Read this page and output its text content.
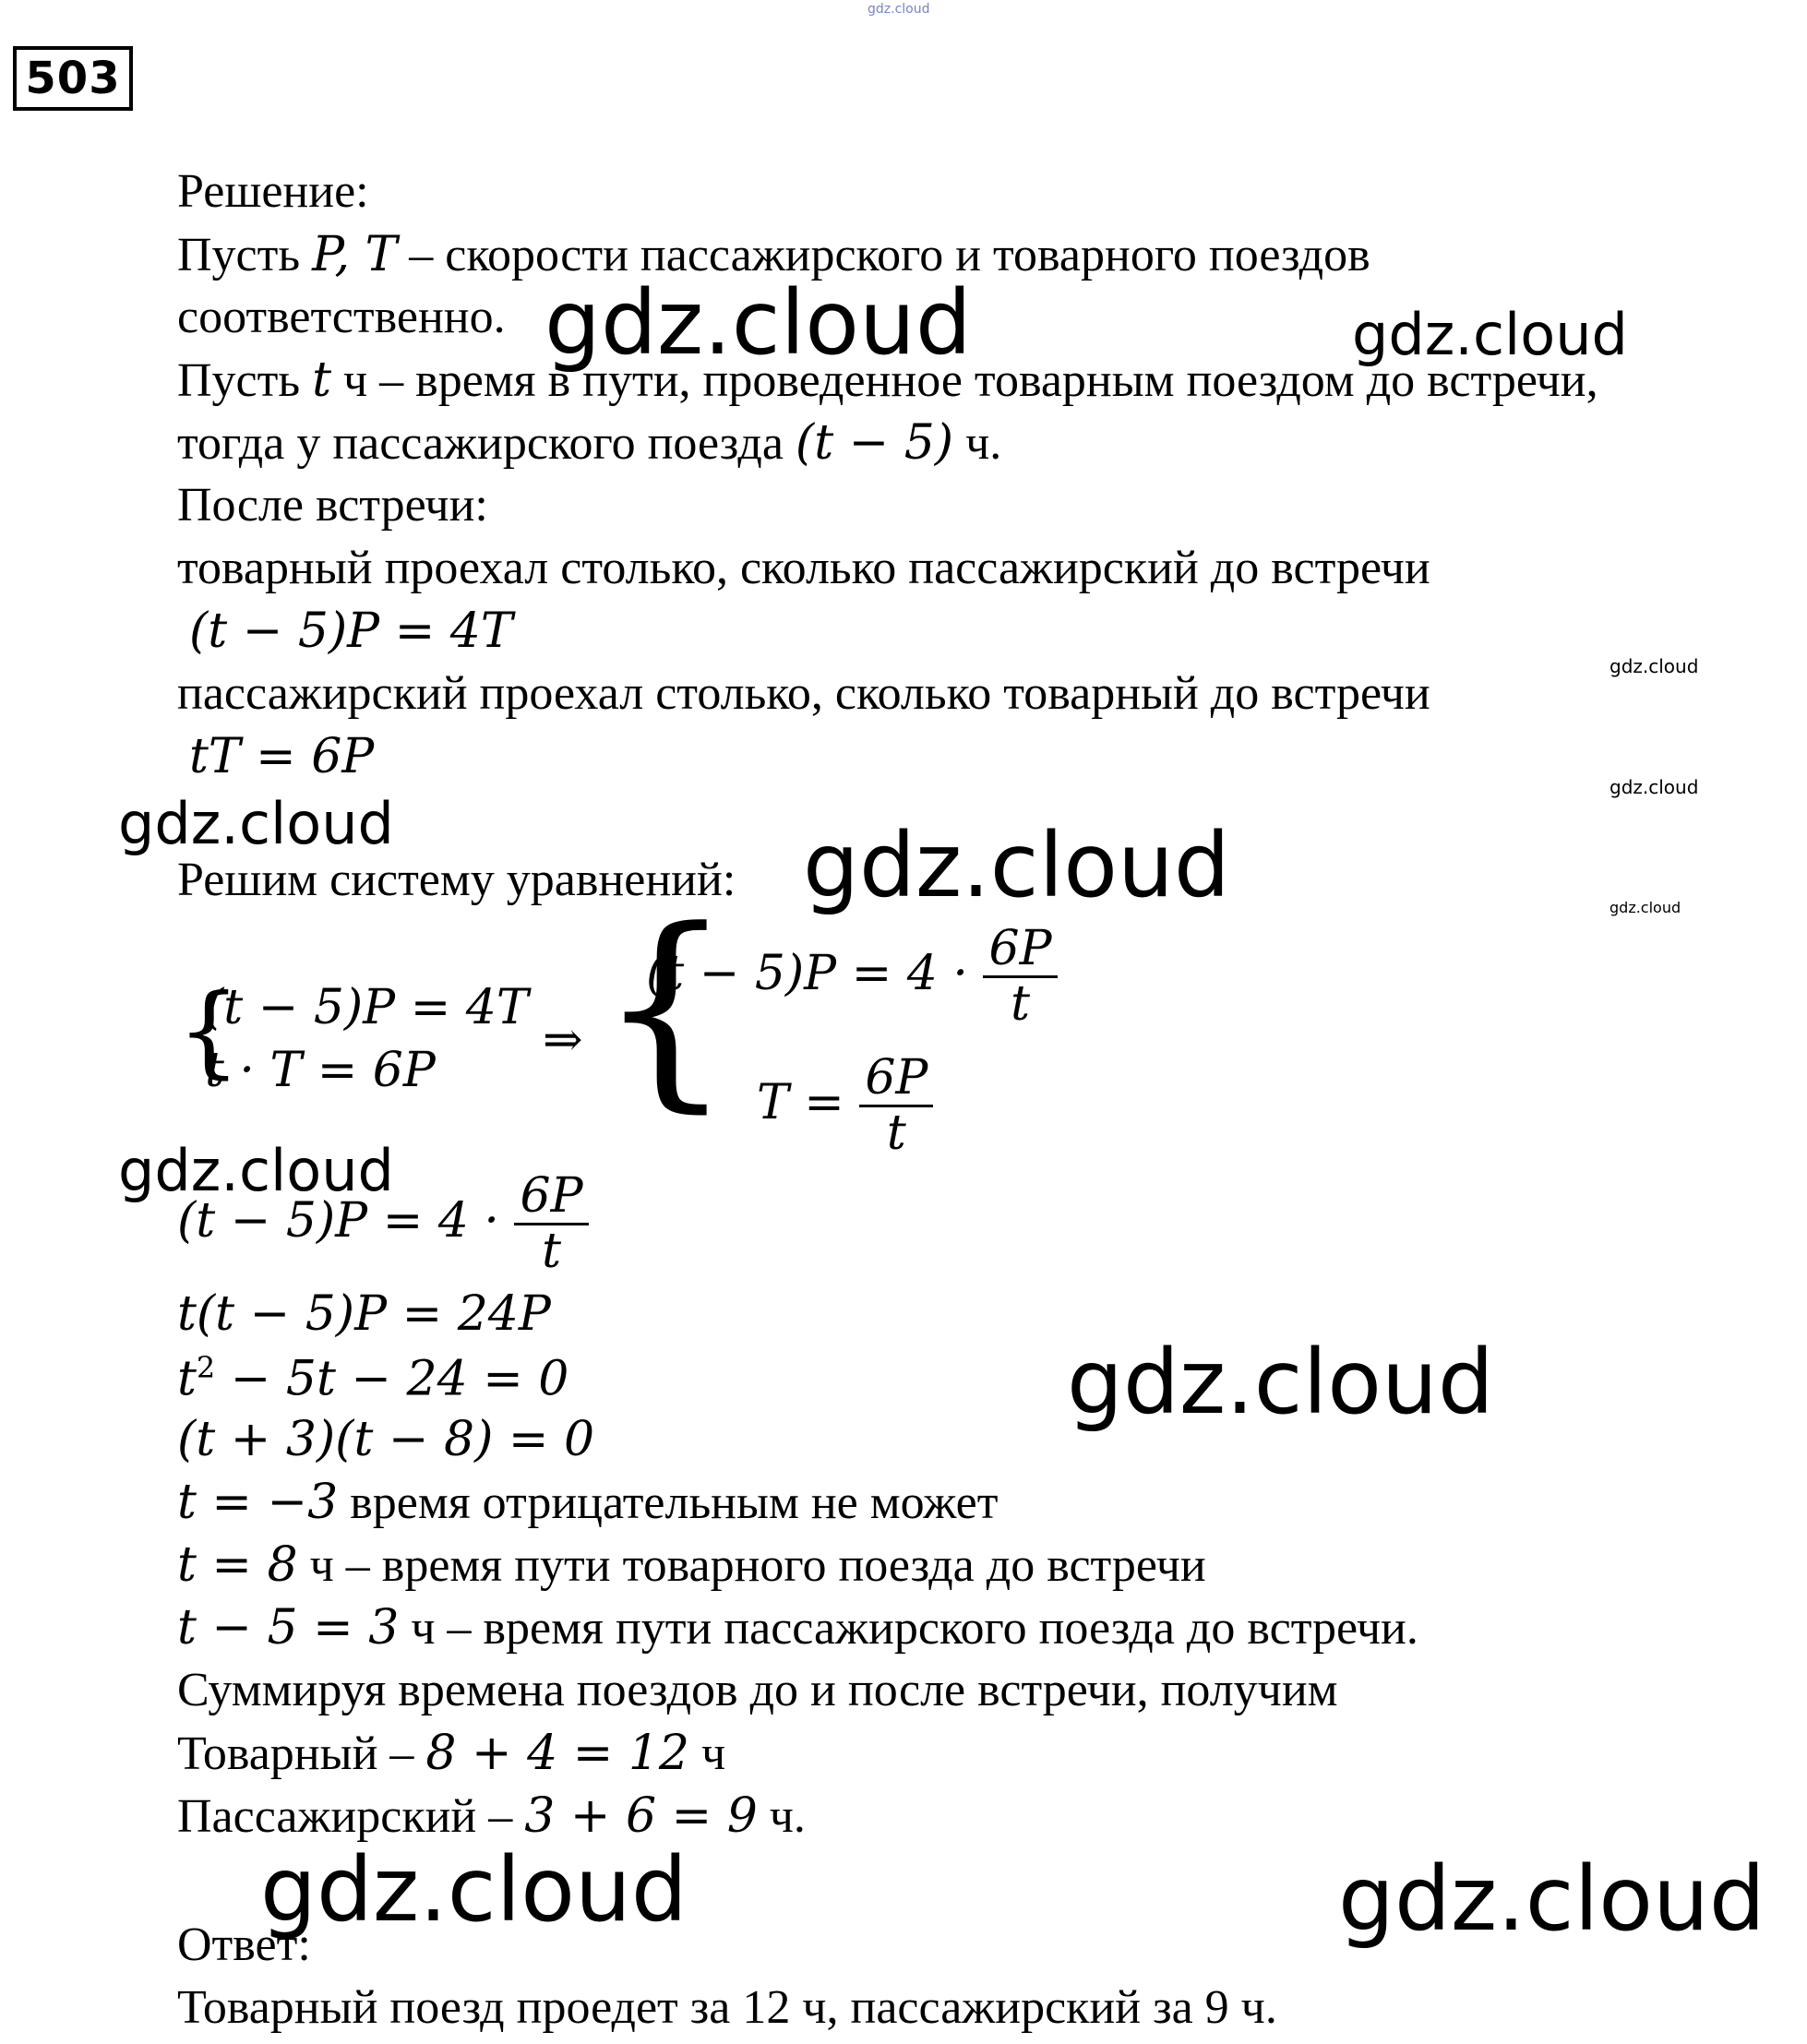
gdz.cloud
503
Решение:
Пусть P, T – скорости пассажирского и товарного поездов
соответственно.
Пусть t ч – время в пути, проведенное товарным поездом до встречи,
тогда у пассажирского поезда (t − 5) ч.
После встречи:
товарный проехал столько, сколько пассажирский до встречи
(t − 5)P = 4T
пассажирский проехал столько, сколько товарный до встречи
tT = 6P
Решим систему уравнений:
{
(t − 5)P = 4T
t · T = 6P
⇒ {
$(t - 5)P = 4 \cdot \frac{6P}{t}$
$T = \frac{6P}{t}$
$(t - 5)P = 4 \cdot \frac{6P}{t}$
t(t − 5)P = 24P
$t^2 - 5t - 24 = 0$
(t + 3)(t − 8) = 0
t = −3 время отрицательным не может
t = 8 ч – время пути товарного поезда до встречи
t − 5 = 3 ч – время пути пассажирского поезда до встречи.
Суммируя времена поездов до и после встречи, получим
Товарный – 8 + 4 = 12 ч
Пассажирский – 3 + 6 = 9 ч.
Ответ:
Товарный поезд проедет за 12 ч, пассажирский за 9 ч.
gdz.cloud	gdz.cloud
gdz.cloud
gdz.cloud
gdz.cloud	gdz.cloud	gdz.cloud
gdz.cloud
gdz.cloud
gdz.cloud	gdz.cloud
